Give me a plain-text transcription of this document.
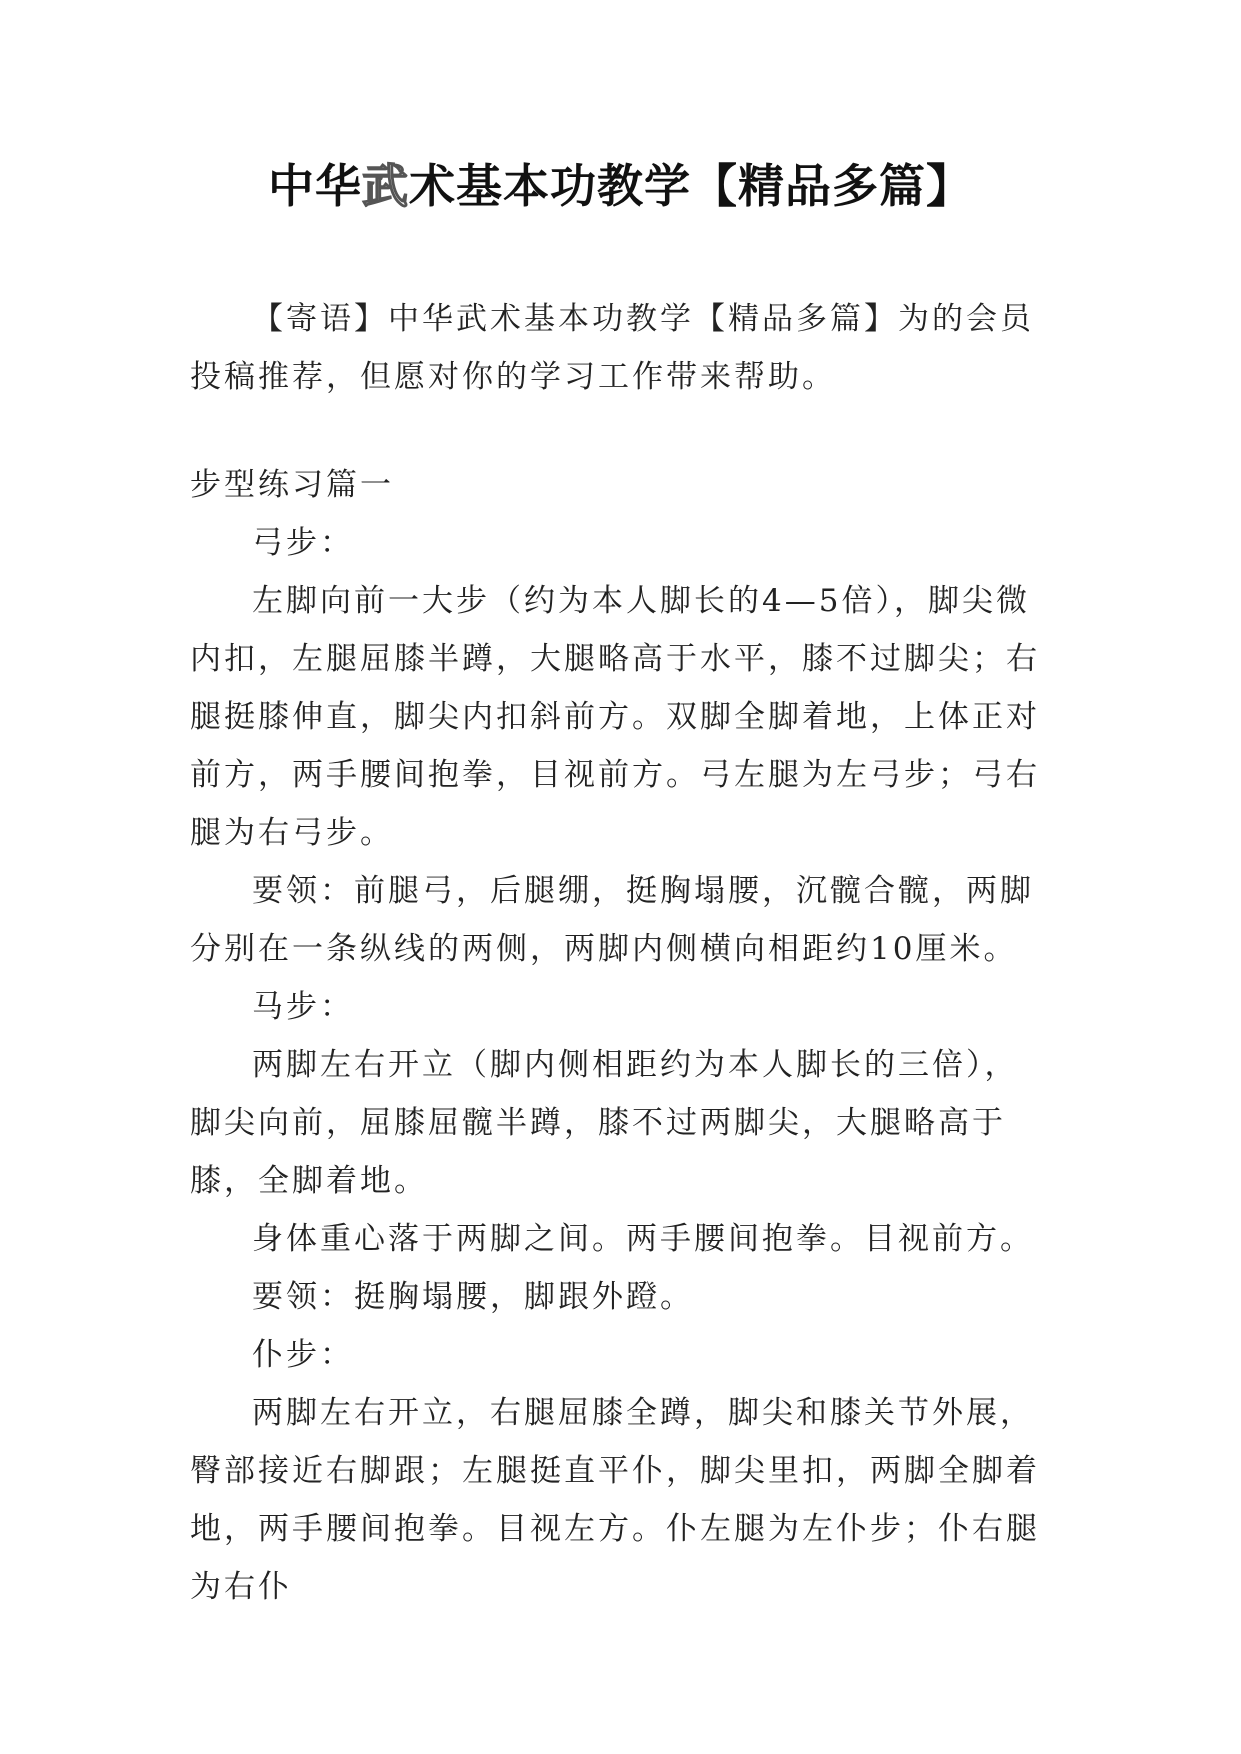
中华武术基本功教学【精品多篇】

【寄语】中华武术基本功教学【精品多篇】为的会员投稿推荐，但愿对你的学习工作带来帮助。

步型练习篇一

弓步：

左脚向前一大步（约为本人脚长的4—5倍），脚尖微内扣，左腿屈膝半蹲，大腿略高于水平，膝不过脚尖；右腿挺膝伸直，脚尖内扣斜前方。双脚全脚着地，上体正对前方，两手腰间抱拳，目视前方。弓左腿为左弓步；弓右腿为右弓步。

要领：前腿弓，后腿绷，挺胸塌腰，沉髋合髋，两脚分别在一条纵线的两侧，两脚内侧横向相距约10厘米。

马步：

两脚左右开立（脚内侧相距约为本人脚长的三倍），脚尖向前，屈膝屈髋半蹲，膝不过两脚尖，大腿略高于膝，全脚着地。

身体重心落于两脚之间。两手腰间抱拳。目视前方。

要领：挺胸塌腰，脚跟外蹬。

仆步：

两脚左右开立，右腿屈膝全蹲，脚尖和膝关节外展，臀部接近右脚跟；左腿挺直平仆，脚尖里扣，两脚全脚着地，两手腰间抱拳。目视左方。仆左腿为左仆步；仆右腿为右仆
